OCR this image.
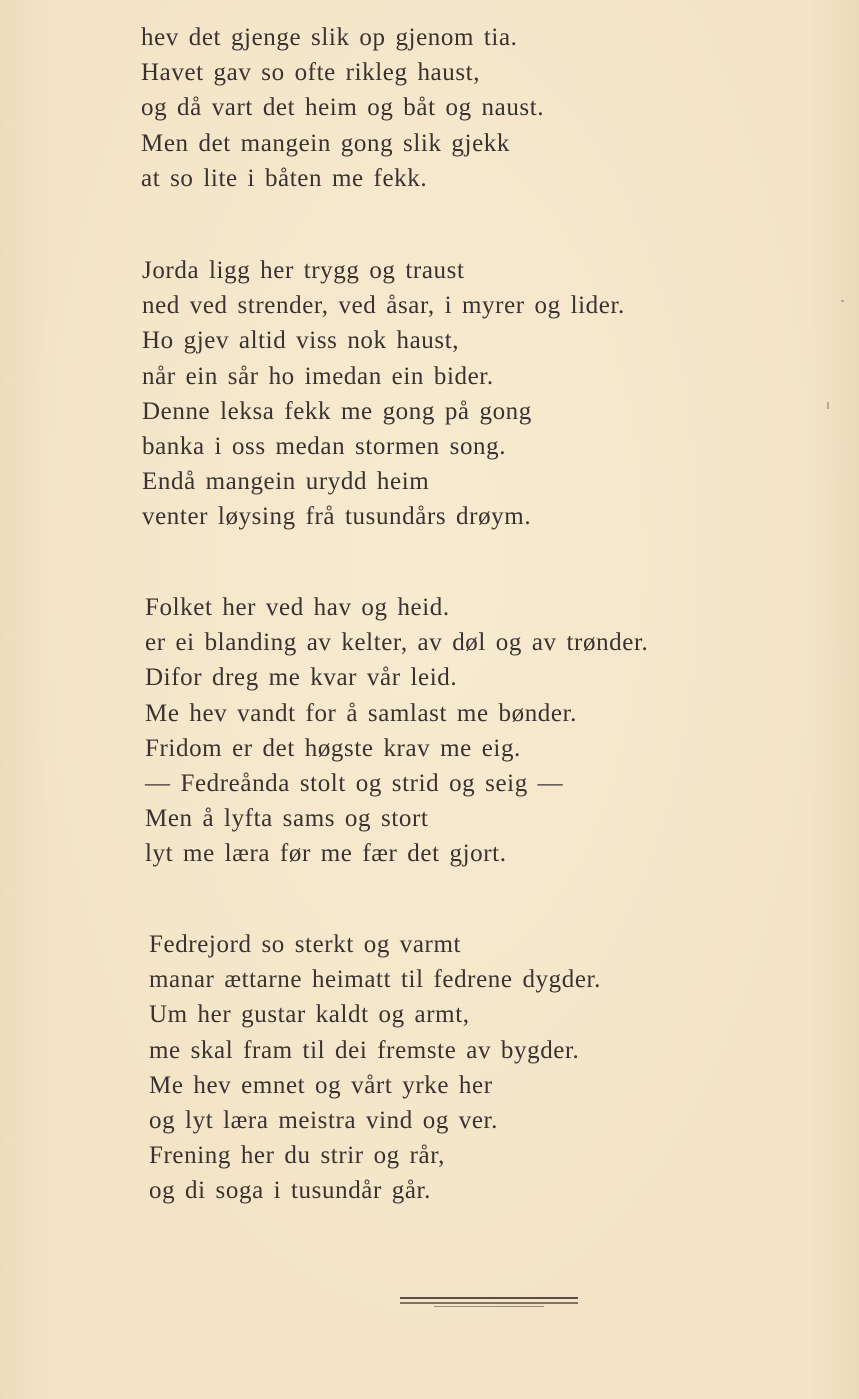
hev det gjenge slik op gjenom tia.
Havet gav so ofte rikleg haust,
og då vart det heim og båt og naust.
Men det mangein gong slik gjekk
at so lite i båten me fekk.
Jorda ligg her trygg og traust
ned ved strender, ved åsar, i myrer og lider.
Ho gjev altid viss nok haust,
når ein sår ho imedan ein bider.
Denne leksa fekk me gong på gong
banka i oss medan stormen song.
Endå mangein urydd heim
venter løysing frå tusundårs drøym.
Folket her ved hav og heid.
er ei blanding av kelter, av døl og av trønder.
Difor dreg me kvar vår leid.
Me hev vandt for å samlast me bønder.
Fridom er det høgste krav me eig.
— Fedreånda stolt og strid og seig —
Men å lyfta sams og stort
lyt me læra før me fær det gjort.
Fedrejord so sterkt og varmt
manar ættarne heimatt til fedrene dygder.
Um her gustar kaldt og armt,
me skal fram til dei fremste av bygder.
Me hev emnet og vårt yrke her
og lyt læra meistra vind og ver.
Frening her du strir og rår,
og di soga i tusundår går.
